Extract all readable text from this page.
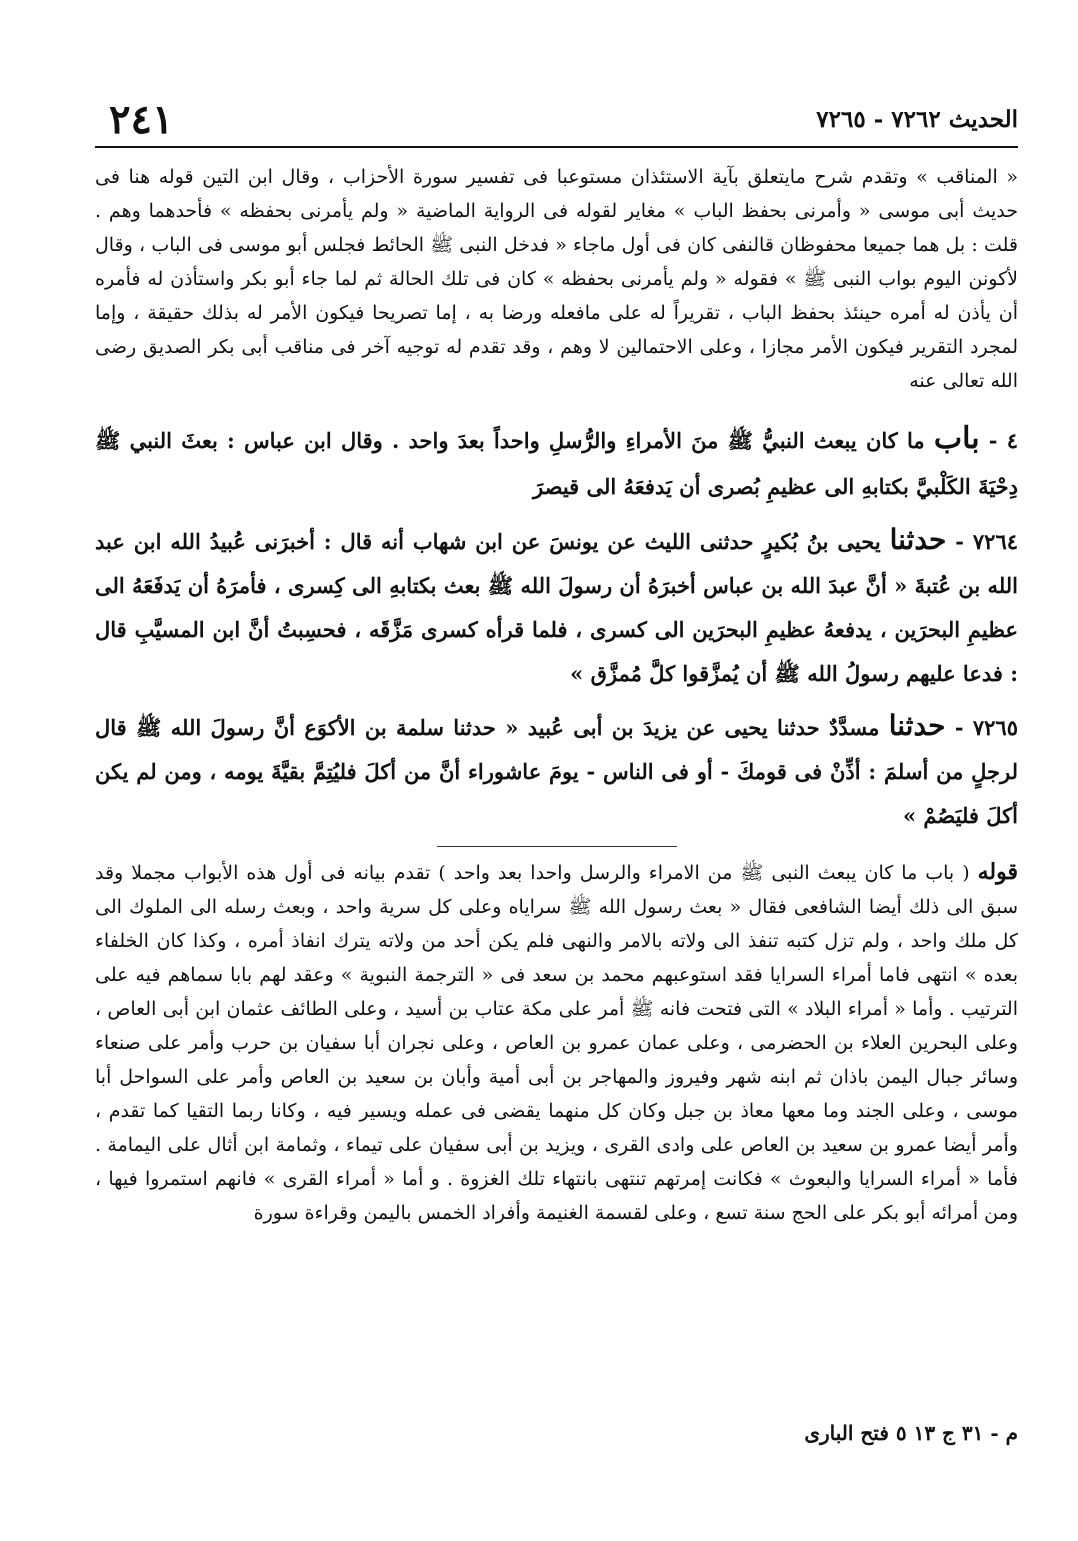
٢٤١	الحديث ٧٢٦٢ - ٧٢٦٥

« المناقب » وتقدم شرح مايتعلق بآية الاستئذان مستوعبا فى تفسير سورة الأحزاب ، وقال ابن التين قوله هنا فى حديث أبى موسى « وأمرنى بحفظ الباب » مغاير لقوله فى الرواية الماضية « ولم يأمرنى بحفظه » فأحدهما وهم . قلت : بل هما جميعا محفوظان قالنفى كان فى أول ماجاء « فدخل النبى ﷺ الحائط فجلس أبو موسى فى الباب ، وقال لأكونن اليوم بواب النبى ﷺ » فقوله « ولم يأمرنى بحفظه » كان فى تلك الحالة ثم لما جاء أبو بكر واستأذن له فأمره أن يأذن له أمره حينئذ بحفظ الباب ، تقريراً له على مافعله ورضا به ، إما تصريحا فيكون الأمر له بذلك حقيقة ، وإما لمجرد التقرير فيكون الأمر مجازا ، وعلى الاحتمالين لا وهم ، وقد تقدم له توجيه آخر فى مناقب أبى بكر الصديق رضى الله تعالى عنه

٤ - باب ما كان يبعث النبيُّ ﷺ منَ الأمراءِ والرُّسلِ واحداً بعدَ واحد . وقال ابن عباس : بعثَ النبي ﷺ دِحْيَةَ الكَلْبيَّ بكتابهِ الى عظيمِ بُصرى أن يَدفعَهُ الى قيصرَ

٧٢٦٤ - حدثنا يحيى بنُ بُكيرٍ حدثنى الليث عن يونسَ عن ابن شهاب أنه قال : أخبرَنى عُبيدُ الله ابن عبد الله بن عُتبةَ « أنَّ عبدَ الله بن عباس أخبرَهُ أن رسولَ الله ﷺ بعث بكتابهِ الى كِسرى ، فأمرَهُ أن يَدفَعَهُ الى عظيمِ البحرَين ، يدفعهُ عظيمِ البحرَين الى كسرى ، فلما قرأه كسرى مَزَّقَه ، فحسِبتُ أنَّ ابن المسيَّبِ قال : فدعا عليهم رسولُ الله ﷺ أن يُمزَّقوا كلَّ مُمزَّق »

٧٢٦٥ - حدثنا مسدَّدٌ حدثنا يحيى عن يزيدَ بن أبى عُبيد « حدثنا سلمة بن الأكوَع أنَّ رسولَ الله ﷺ قال لرجلٍ من أسلمَ : أذِّنْ فى قومكَ - أو فى الناس - يومَ عاشوراء أنَّ من أكلَ فليُتِمَّ بقيَّةَ يومه ، ومن لم يكن أكلَ فليَصُمْ »

قوله ( باب ما كان يبعث النبى ﷺ من الامراء والرسل واحدا بعد واحد ) تقدم بيانه فى أول هذه الأبواب مجملا وقد سبق الى ذلك أيضا الشافعى فقال « بعث رسول الله ﷺ سراياه وعلى كل سرية واحد ، وبعث رسله الى الملوك الى كل ملك واحد ، ولم تزل كتبه تنفذ الى ولاته بالامر والنهى فلم يكن أحد من ولاته يترك انفاذ أمره ، وكذا كان الخلفاء بعده » انتهى فاما أمراء السرايا فقد استوعبهم محمد بن سعد فى « الترجمة النبوية » وعقد لهم بابا سماهم فيه على الترتيب . وأما « أمراء البلاد » التى فتحت فانه ﷺ أمر على مكة عتاب بن أسيد ، وعلى الطائف عثمان ابن أبى العاص ، وعلى البحرين العلاء بن الحضرمى ، وعلى عمان عمرو بن العاص ، وعلى نجران أبا سفيان بن حرب وأمر على صنعاء وسائر جبال اليمن باذان ثم ابنه شهر وفيروز والمهاجر بن أبى أمية وأبان بن سعيد بن العاص وأمر على السواحل أبا موسى ، وعلى الجند وما معها معاذ بن جبل وكان كل منهما يقضى فى عمله ويسير فيه ، وكانا ربما التقيا كما تقدم ، وأمر أيضا عمرو بن سعيد بن العاص على وادى القرى ، ويزيد بن أبى سفيان على تيماء ، وثمامة ابن أثال على اليمامة . فأما « أمراء السرايا والبعوث » فكانت إمرتهم تنتهى بانتهاء تلك الغزوة . و أما « أمراء القرى » فانهم استمروا فيها ، ومن أمرائه أبو بكر على الحج سنة تسع ، وعلى لقسمة الغنيمة وأفراد الخمس باليمن وقراءة سورة

م - ٣١ ج ١٣ ٥ فتح البارى
